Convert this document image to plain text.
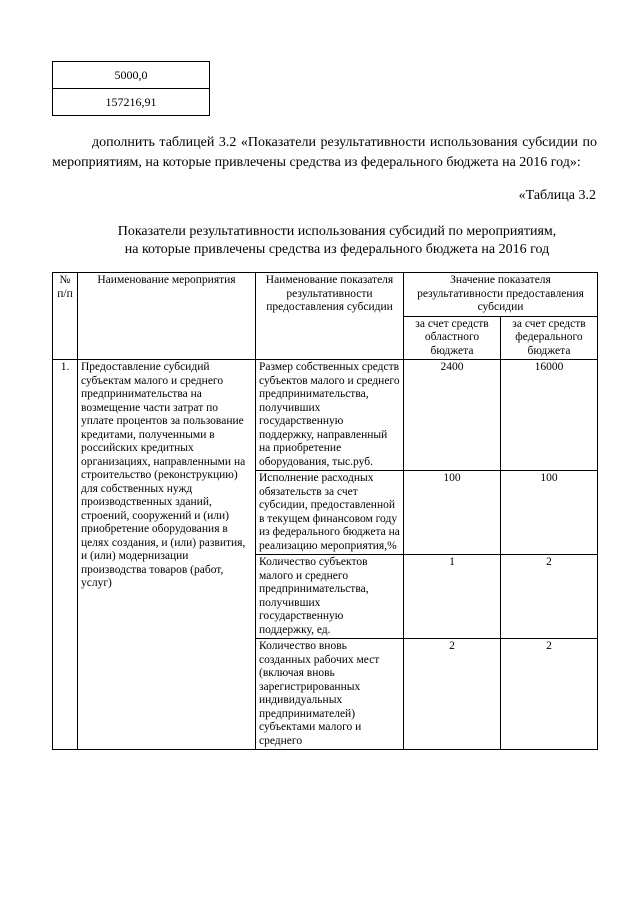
5000,0
157216,91
дополнить таблицей 3.2 «Показатели результативности использования субсидии по мероприятиям, на которые привлечены средства из федерального бюджета на 2016 год»:
«Таблица 3.2
Показатели результативности использования субсидий по мероприятиям,
на которые привлечены средства из федерального бюджета на 2016 год
№ п/п	Наименование мероприятия	Наименование показателя результативности предоставления субсидии	Значение показателя результативности предоставления субсидии	
			за счет средств областного бюджета	за счет средств федерального бюджета
1.	Предоставление субсидий субъектам малого и среднего предпринимательства на возмещение части затрат по уплате процентов за пользование кредитами, полученными в российских кредитных организациях, направленными на строительство (реконструкцию) для собственных нужд производственных зданий, строений, сооружений и (или) приобретение оборудования в целях создания, и (или) развития, и (или) модернизации производства товаров (работ, услуг)	Размер собственных средств субъектов малого и среднего предпринимательства, получивших государственную поддержку, направленный на приобретение оборудования, тыс.руб.	2400	16000
		Исполнение расходных обязательств за счет субсидии, предоставленной в текущем финансовом году из федерального бюджета на реализацию мероприятия,%	100	100
		Количество субъектов малого и среднего предпринимательства, получивших государственную поддержку, ед.	1	2
		Количество вновь созданных рабочих мест (включая вновь зарегистрированных индивидуальных предпринимателей) субъектами малого и среднего	2	2
